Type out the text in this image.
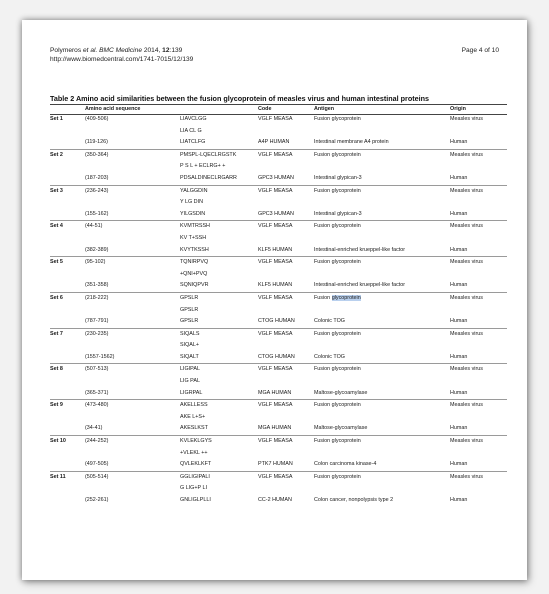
Polymeros et al. BMC Medicine 2014, 12:139
http://www.biomedcentral.com/1741-7015/12/139
Page 4 of 10
Table 2 Amino acid similarities between the fusion glycoprotein of measles virus and human intestinal proteins
	Amino acid sequence		Code	Antigen	Origin
Set 1	(409-506)	LIAVCLGG	VGLF MEASA	Fusion glycoprotein	Measles virus
		LIA CL G			
	(119-126)	LIATCLFG	A4P HUMAN	Intestinal membrane A4 protein	Human
Set 2	(350-364)	PMSPL-LQECLRGSTK	VGLF MEASA	Fusion glycoprotein	Measles virus
		P S L + ECLRG+ +			
	(187-203)	PDSALDINECLRGARR	GPC3 HUMAN	Intestinal glypican-3	Human
Set 3	(236-243)	YALGGDIN	VGLF MEASA	Fusion glycoprotein	Measles virus
		Y LG DIN			
	(155-162)	YILGSDIN	GPC3 HUMAN	Intestinal glypican-3	Human
Set 4	(44-51)	KVMTRSSH	VGLF MEASA	Fusion glycoprotein	Measles virus
		KV T+SSH			
	(382-389)	KVYTKSSH	KLF5 HUMAN	Intestinal-enriched krueppel-like factor	Human
Set 5	(95-102)	TQNIRPVQ	VGLF MEASA	Fusion glycoprotein	Measles virus
		+QNI+PVQ			
	(351-358)	SQNIQPVR	KLF5 HUMAN	Intestinal-enriched krueppel-like factor	Human
Set 6	(218-222)	GPSLR	VGLF MEASA	Fusion glycoprotein	Measles virus
		GPSLR			
	(787-791)	GPSLR	CTOG HUMAN	Colonic TOG	Human
Set 7	(230-235)	SIQALS	VGLF MEASA	Fusion glycoprotein	Measles virus
		SIQAL+			
	(1557-1562)	SIQALT	CTOG HUMAN	Colonic TOG	Human
Set 8	(507-513)	LIGIPAL	VGLF MEASA	Fusion glycoprotein	Measles virus
		LIG PAL			
	(365-371)	LIGRPAL	MGA HUMAN	Maltose-glycoamylase	Human
Set 9	(473-480)	AKELLESS	VGLF MEASA	Fusion glycoprotein	Measles virus
		AKE L+S+			
	(34-41)	AKESLKST	MGA HUMAN	Maltose-glycoamylase	Human
Set 10	(244-252)	KVLEKLGYS	VGLF MEASA	Fusion glycoprotein	Measles virus
		+VLEKL ++			
	(497-505)	QVLEKLKFT	PTK7 HUMAN	Colon carcinoma kinase-4	Human
Set 11	(505-514)	GGLIGIPALI	VGLF MEASA	Fusion glycoprotein	Measles virus
		G LIG+P LI			
	(252-261)	GNLIGLPLLI	CC-2 HUMAN	Colon cancer, nonpolypsis type 2	Human
